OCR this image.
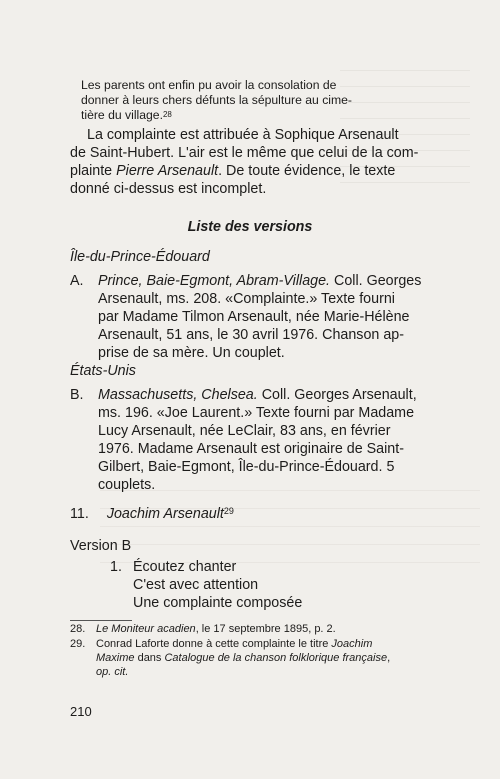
Les parents ont enfin pu avoir la consolation de
donner à leurs chers défunts la sépulture au cime-
tière du village.$^{28}$
La complainte est attribuée à Sophique Arsenault
de Saint-Hubert. L'air est le même que celui de la com-
plainte Pierre Arsenault. De toute évidence, le texte
donné ci-dessus est incomplet.
Liste des versions
Île-du-Prince-Édouard
A. Prince, Baie-Egmont, Abram-Village. Coll. Georges
Arsenault, ms. 208. «Complainte.» Texte fourni
par Madame Tilmon Arsenault, née Marie-Hélène
Arsenault, 51 ans, le 30 avril 1976. Chanson ap-
prise de sa mère. Un couplet.
États-Unis
B. Massachusetts, Chelsea. Coll. Georges Arsenault,
ms. 196. «Joe Laurent.» Texte fourni par Madame
Lucy Arsenault, née LeClair, 83 ans, en février
1976. Madame Arsenault est originaire de Saint-
Gilbert, Baie-Egmont, Île-du-Prince-Édouard. 5
couplets.
11. Joachim Arsenault$^{29}$
Version B
1. Écoutez chanter
C'est avec attention
Une complainte composée
28. Le Moniteur acadien, le 17 septembre 1895, p. 2.
29. Conrad Laforte donne à cette complainte le titre Joachim
Maxime dans Catalogue de la chanson folklorique française,
op. cit.
210
